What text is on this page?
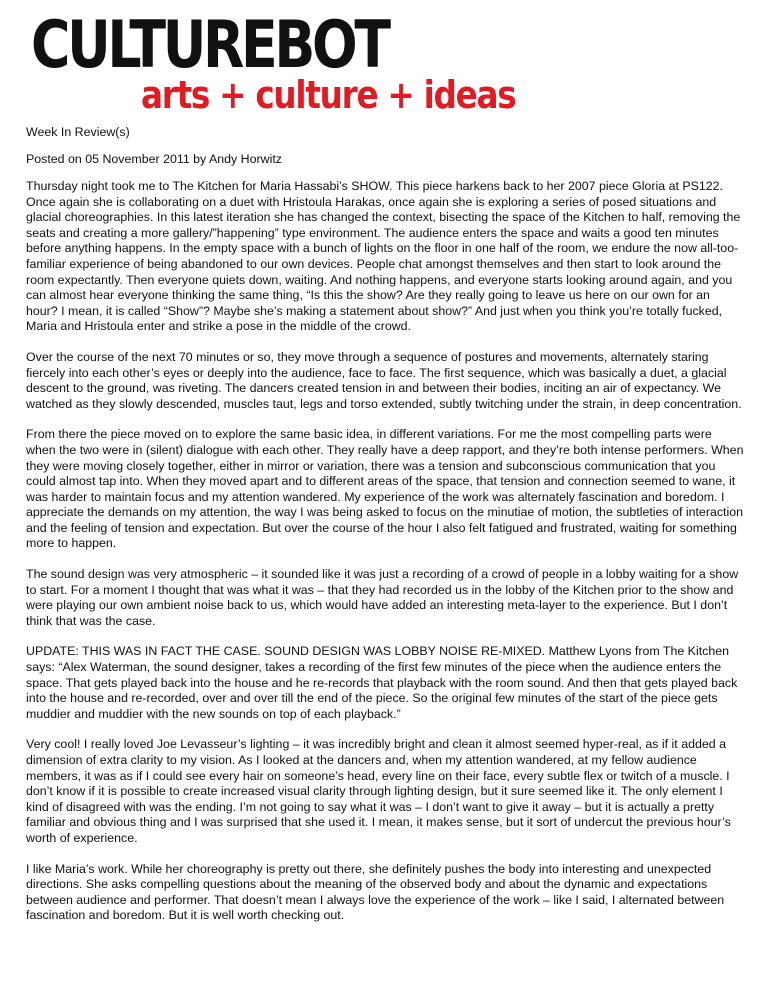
CULTUREBOT
arts + culture + ideas

Week In Review(s)

Posted on 05 November 2011 by Andy Horwitz

Thursday night took me to The Kitchen for Maria Hassabi’s SHOW. This piece harkens back to her 2007 piece Gloria at PS122. Once again she is collaborating on a duet with Hristoula Harakas, once again she is exploring a series of posed situations and glacial choreographies. In this latest iteration she has changed the context, bisecting the space of the Kitchen to half, removing the seats and creating a more gallery/”happening” type environment. The audience enters the space and waits a good ten minutes before anything happens. In the empty space with a bunch of lights on the floor in one half of the room, we endure the now all-too-familiar experience of being abandoned to our own devices. People chat amongst themselves and then start to look around the room expectantly. Then everyone quiets down, waiting. And nothing happens, and everyone starts looking around again, and you can almost hear everyone thinking the same thing, “Is this the show? Are they really going to leave us here on our own for an hour? I mean, it is called “Show”? Maybe she’s making a statement about show?” And just when you think you’re totally fucked, Maria and Hristoula enter and strike a pose in the middle of the crowd.

Over the course of the next 70 minutes or so, they move through a sequence of postures and movements, alternately staring fiercely into each other’s eyes or deeply into the audience, face to face. The first sequence, which was basically a duet, a glacial descent to the ground, was riveting. The dancers created tension in and between their bodies, inciting an air of expectancy. We watched as they slowly descended, muscles taut, legs and torso extended, subtly twitching under the strain, in deep concentration.

From there the piece moved on to explore the same basic idea, in different variations. For me the most compelling parts were when the two were in (silent) dialogue with each other. They really have a deep rapport, and they’re both intense performers. When they were moving closely together, either in mirror or variation, there was a tension and subconscious communication that you could almost tap into. When they moved apart and to different areas of the space, that tension and connection seemed to wane, it was harder to maintain focus and my attention wandered. My experience of the work was alternately fascination and boredom. I appreciate the demands on my attention, the way I was being asked to focus on the minutiae of motion, the subtleties of interaction and the feeling of tension and expectation. But over the course of the hour I also felt fatigued and frustrated, waiting for something more to happen.

The sound design was very atmospheric – it sounded like it was just a recording of a crowd of people in a lobby waiting for a show to start. For a moment I thought that was what it was – that they had recorded us in the lobby of the Kitchen prior to the show and were playing our own ambient noise back to us, which would have added an interesting meta-layer to the experience. But I don’t think that was the case.

UPDATE: THIS WAS IN FACT THE CASE. SOUND DESIGN WAS LOBBY NOISE RE-MIXED. Matthew Lyons from The Kitchen says: “Alex Waterman, the sound designer, takes a recording of the first few minutes of the piece when the audience enters the space. That gets played back into the house and he re-records that playback with the room sound. And then that gets played back into the house and re-recorded, over and over till the end of the piece. So the original few minutes of the start of the piece gets muddier and muddier with the new sounds on top of each playback.”

Very cool! I really loved Joe Levasseur’s lighting – it was incredibly bright and clean it almost seemed hyper-real, as if it added a dimension of extra clarity to my vision. As I looked at the dancers and, when my attention wandered, at my fellow audience members, it was as if I could see every hair on someone’s head, every line on their face, every subtle flex or twitch of a muscle. I don’t know if it is possible to create increased visual clarity through lighting design, but it sure seemed like it. The only element I kind of disagreed with was the ending. I’m not going to say what it was – I don’t want to give it away – but it is actually a pretty familiar and obvious thing and I was surprised that she used it. I mean, it makes sense, but it sort of undercut the previous hour’s worth of experience.

I like Maria’s work. While her choreography is pretty out there, she definitely pushes the body into interesting and unexpected directions. She asks compelling questions about the meaning of the observed body and about the dynamic and expectations between audience and performer. That doesn’t mean I always love the experience of the work – like I said, I alternated between fascination and boredom. But it is well worth checking out.
